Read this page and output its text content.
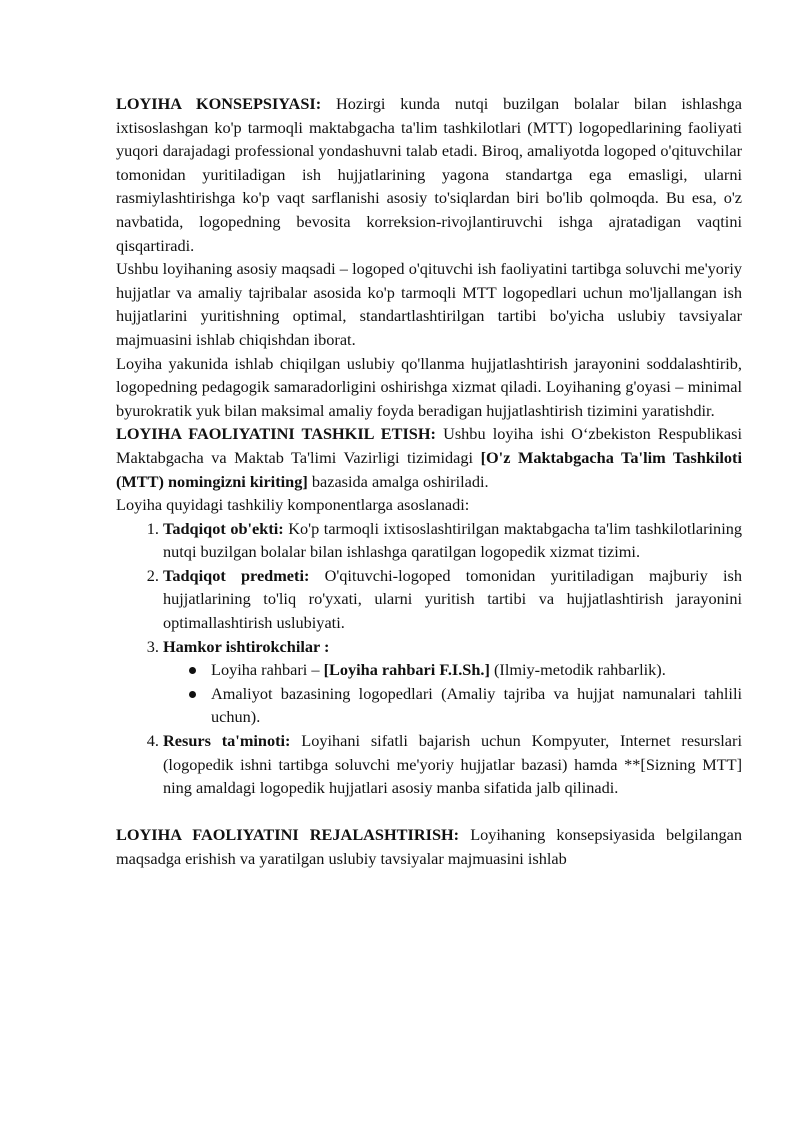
LOYIHA KONSEPSIYASI: Hozirgi kunda nutqi buzilgan bolalar bilan ishlashga ixtisoslashgan ko'p tarmoqli maktabgacha ta'lim tashkilotlari (MTT) logopedlarining faoliyati yuqori darajadagi professional yondashuvni talab etadi. Biroq, amaliyotda logoped o'qituvchilar tomonidan yuritiladigan ish hujjatlarining yagona standartga ega emasligi, ularni rasmiylashtirishga ko'p vaqt sarflanishi asosiy to'siqlardan biri bo'lib qolmoqda. Bu esa, o'z navbatida, logopedning bevosita korreksion-rivojlantiruvchi ishga ajratadigan vaqtini qisqartiradi.

Ushbu loyihaning asosiy maqsadi – logoped o'qituvchi ish faoliyatini tartibga soluvchi me'yoriy hujjatlar va amaliy tajribalar asosida ko'p tarmoqli MTT logopedlari uchun mo'ljallangan ish hujjatlarini yuritishning optimal, standartlashtirilgan tartibi bo'yicha uslubiy tavsiyalar majmuasini ishlab chiqishdan iborat.

Loyiha yakunida ishlab chiqilgan uslubiy qo'llanma hujjatlashtirish jarayonini soddalashtirib, logopedning pedagogik samaradorligini oshirishga xizmat qiladi. Loyihaning g'oyasi – minimal byurokratik yuk bilan maksimal amaliy foyda beradigan hujjatlashtirish tizimini yaratishdir.

LOYIHA FAOLIYATINI TASHKIL ETISH: Ushbu loyiha ishi O‘zbekiston Respublikasi Maktabgacha va Maktab Ta'limi Vazirligi tizimidagi [O'z Maktabgacha Ta'lim Tashkiloti (MTT) nomingizni kiriting] bazasida amalga oshiriladi.

Loyiha quyidagi tashkiliy komponentlarga asoslanadi:

1. Tadqiqot ob'ekti: Ko'p tarmoqli ixtisoslashtirilgan maktabgacha ta'lim tashkilotlarining nutqi buzilgan bolalar bilan ishlashga qaratilgan logopedik xizmat tizimi.
2. Tadqiqot predmeti: O'qituvchi-logoped tomonidan yuritiladigan majburiy ish hujjatlarining to'liq ro'yxati, ularni yuritish tartibi va hujjatlashtirish jarayonini optimallashtirish uslubiyati.
3. Hamkor ishtirokchilar :
Loyiha rahbari – [Loyiha rahbari F.I.Sh.] (Ilmiy-metodik rahbarlik).
Amaliyot bazasining logopedlari (Amaliy tajriba va hujjat namunalari tahlili uchun).
4. Resurs ta'minoti: Loyihani sifatli bajarish uchun Kompyuter, Internet resurslari (logopedik ishni tartibga soluvchi me'yoriy hujjatlar bazasi) hamda **[Sizning MTT] ning amaldagi logopedik hujjatlari asosiy manba sifatida jalb qilinadi.

LOYIHA FAOLIYATINI REJALASHTIRISH: Loyihaning konsepsiyasida belgilangan maqsadga erishish va yaratilgan uslubiy tavsiyalar majmuasini ishlab
